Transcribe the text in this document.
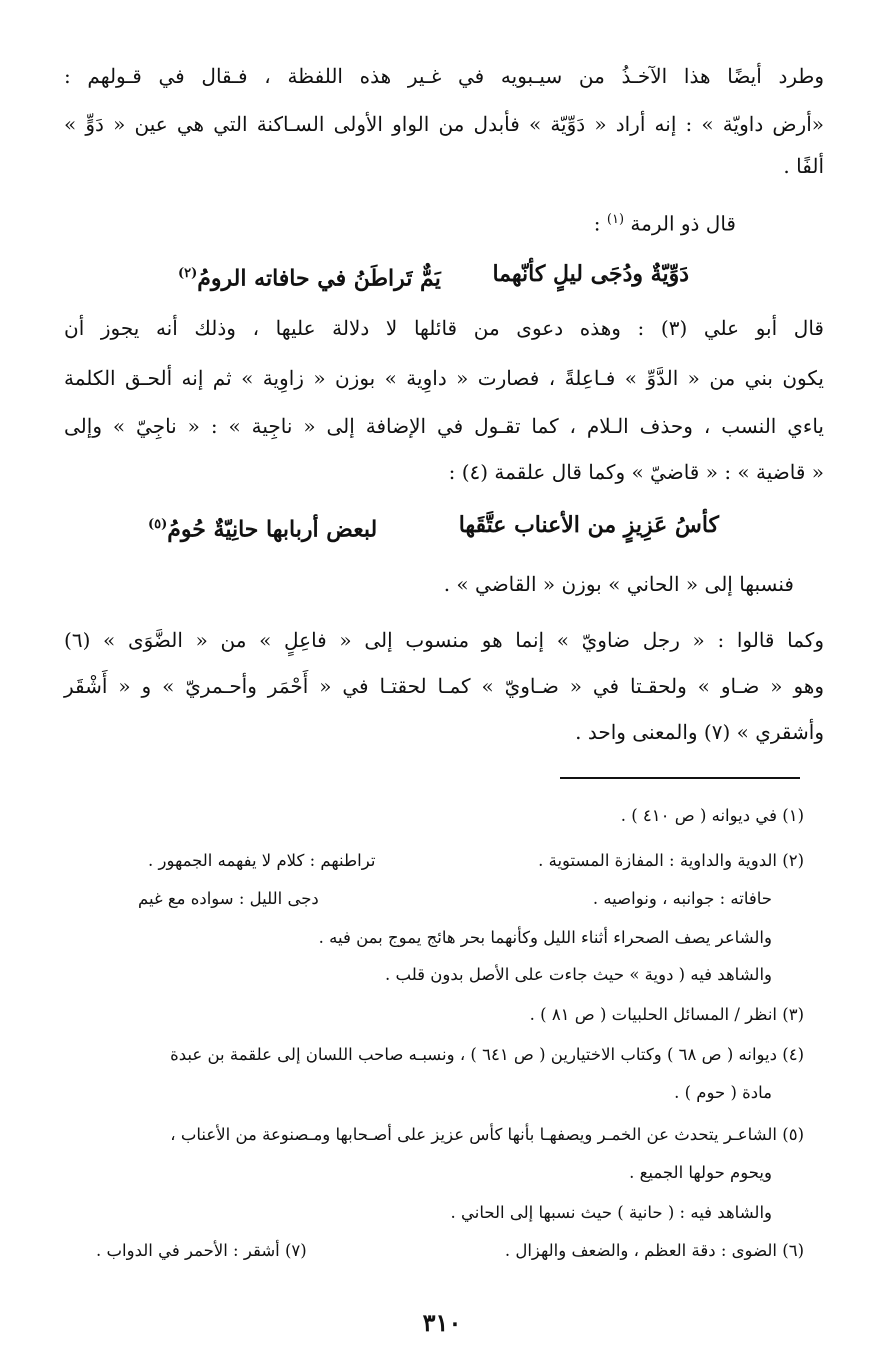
وطرد أيضًا هذا الآخـذُ من سيـبويه في غـير هذه اللفظة ، فـقال في قـولهم :
«أرض داويّة » : إنه أراد « دَوِّيّة » فأبدل من الواو الأولى السـاكنة التي هي عين « دَوٍّ »
ألفًا .
قال ذو الرمة $^{(١)}$ :
دَوِّيّةٌ ودُجَى ليلٍ كأنّهما
يَمٌّ تَراطَنُ في حافاته الرومُ$^{(٢)}$
قال أبو علي (٣) : وهذه دعوى من قائلها لا دلالة عليها ، وذلك أنه يجوز أن
يكون بني من « الدَّوِّ » فـاعِلةً ، فصارت « داوِية » بوزن « زاوِية » ثم إنه ألحـق الكلمة
ياءي النسب ، وحذف الـلام ، كما تقـول في الإضافة إلى « ناجِية » : « ناجِيّ » وإلى
« قاضية » : « قاضيّ » وكما قال علقمة (٤) :
كأسُ عَزِيزٍ من الأعناب عتَّقَها
لبعض أربابها حانِيّةٌ حُومُ$^{(٥)}$
فنسبها إلى « الحاني » بوزن « القاضي » .
وكما قالوا : « رجل ضاويّ » إنما هو منسوب إلى « فاعِلٍ » من « الضَّوَى » (٦)
وهو « ضـاو » ولحقـتا في « ضـاويّ » كمـا لحقتـا في « أَحْمَر وأحـمريّ » و « أَشْقَر
وأشقري » (٧) والمعنى واحد .
(١) في ديوانه ( ص ٤١٠ ) .
(٢) الدوية والداوية : المفازة المستوية .
تراطنهم : كلام لا يفهمه الجمهور .
حافاته : جوانبه ، ونواصيه .
دجى الليل : سواده مع غيم
والشاعر يصف الصحراء أثناء الليل وكأنهما بحر هائج يموج بمن فيه .
والشاهد فيه ( دوية » حيث جاءت على الأصل بدون قلب .
(٣) انظر / المسائل الحلبيات ( ص ٨١ ) .
(٤) ديوانه ( ص ٦٨ ) وكتاب الاختيارين ( ص ٦٤١ ) ، ونسبـه صاحب اللسان إلى علقمة بن عبدة
مادة ( حوم ) .
(٥) الشاعـر يتحدث عن الخمـر ويصفهـا بأنها كأس عزيز على أصـحابها ومـصنوعة من الأعناب ،
ويحوم حولها الجميع .
والشاهد فيه : ( حانية ) حيث نسبها إلى الحاني .
(٦) الضوى : دقة العظم ، والضعف والهزال .
(٧) أشقر : الأحمر في الدواب .
٣١٠
